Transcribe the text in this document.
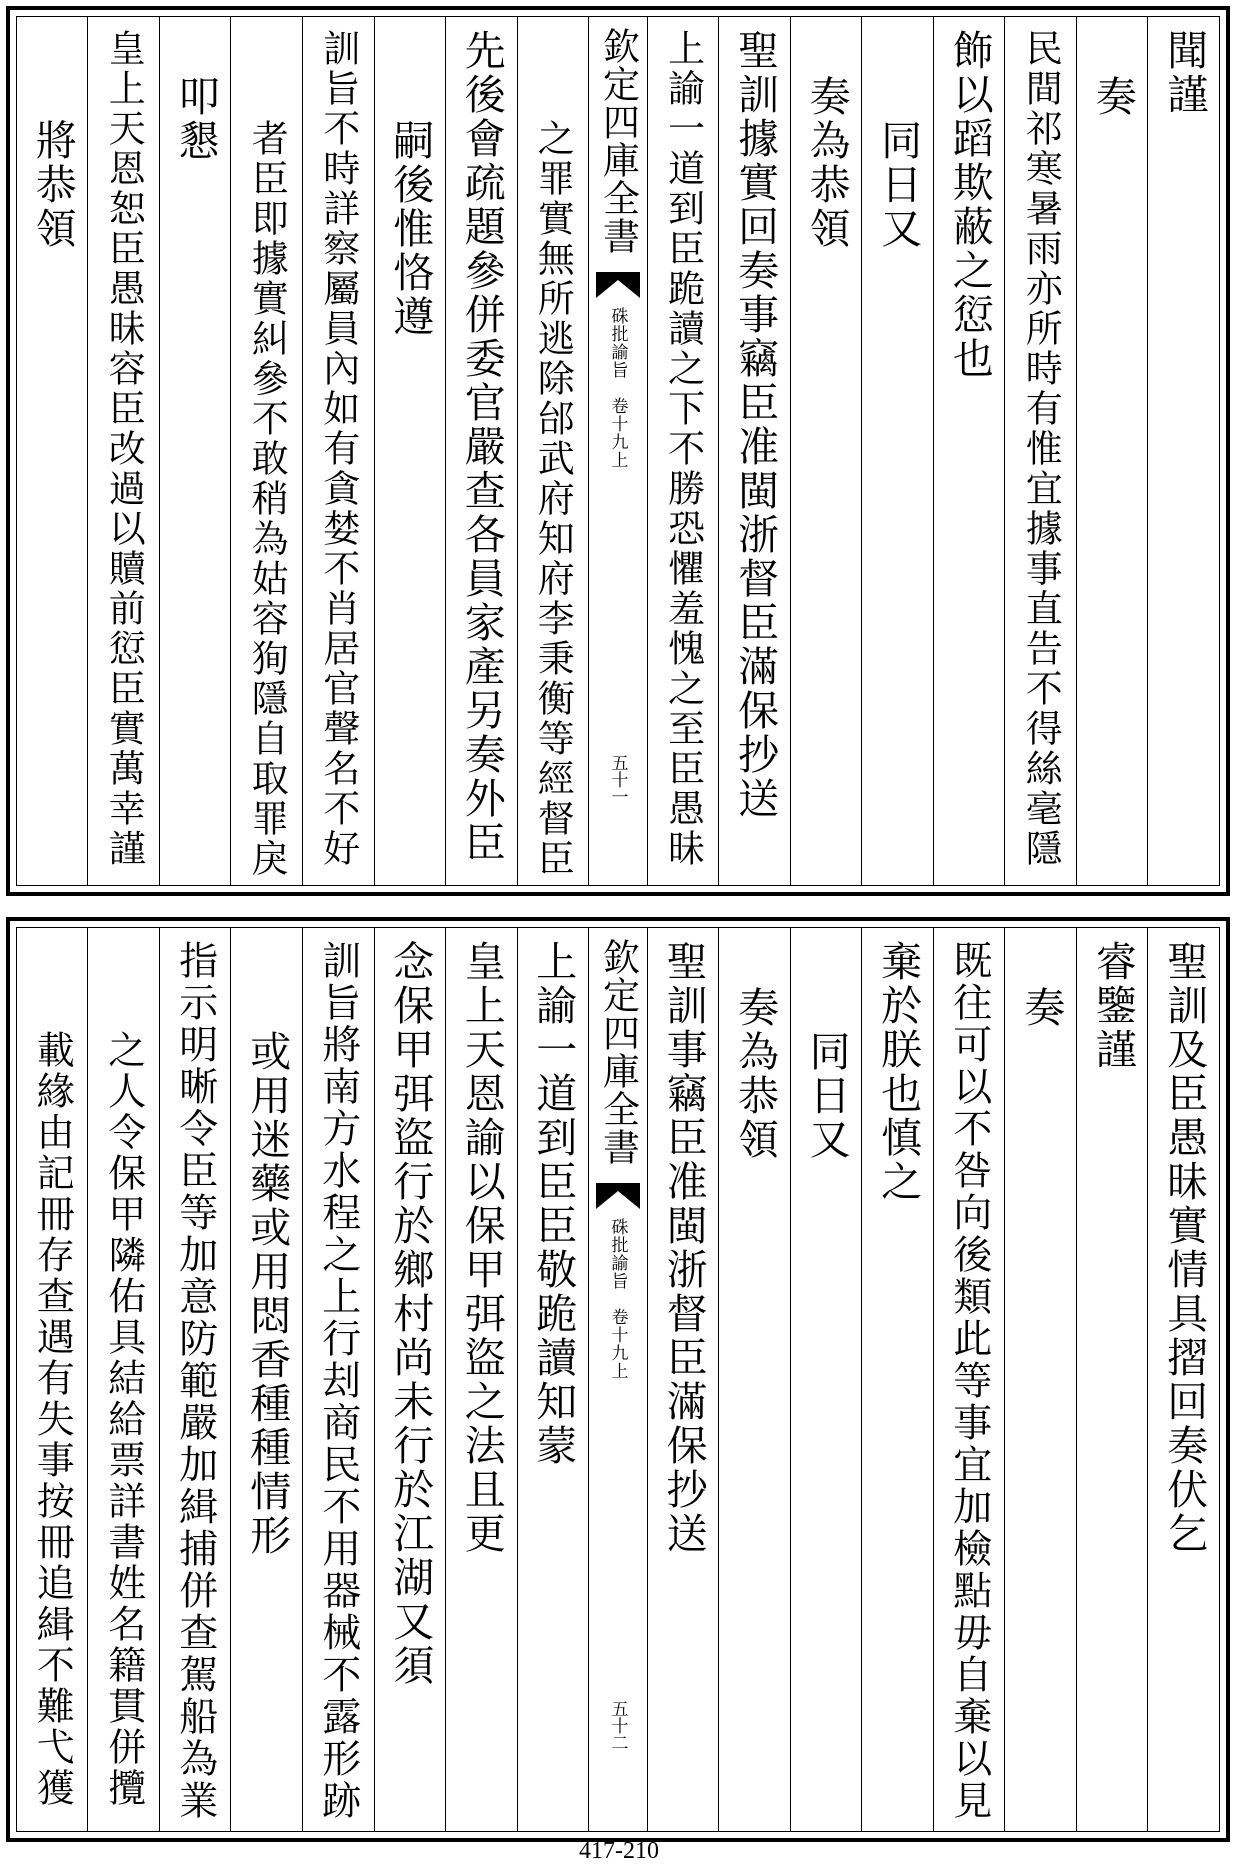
聞謹
奏
民間祁寒暑雨亦所時有惟宜據事直告不得絲毫隱
飾以蹈欺蔽之愆也
同日又
奏為恭領
聖訓據實回奏事竊臣准閩浙督臣滿保抄送
上諭一道到臣跪讀之下不勝恐懼羞愧之至臣愚昧
欽定四庫全書
硃批諭旨　卷十九上
五十一
之罪實無所逃除邰武府知府李秉衡等經督臣
先後會疏題參併委官嚴查各員家產另奏外臣
嗣後惟恪遵
訓旨不時詳察屬員內如有貪婪不肖居官聲名不好
者臣即據實糾參不敢稍為姑容狥隱自取罪戾
叩懇
皇上天恩恕臣愚昧容臣改過以贖前愆臣實萬幸謹
將恭領
聖訓及臣愚昧實情具摺回奏伏乞
睿鑒謹
奏
既往可以不咎向後類此等事宜加檢點毋自棄以見
棄於朕也慎之
同日又
奏為恭領
聖訓事竊臣准閩浙督臣滿保抄送
欽定四庫全書
硃批諭旨　卷十九上
五十二
上諭一道到臣臣敬跪讀知蒙
皇上天恩諭以保甲弭盜之法且更
念保甲弭盜行於鄉村尚未行於江湖又須
訓旨將南方水程之上行刦商民不用器械不露形跡
或用迷藥或用悶香種種情形
指示明晰令臣等加意防範嚴加緝捕併查駕船為業
之人令保甲隣佑具結給票詳書姓名籍貫併攬
載緣由記冊存查遇有失事按冊追緝不難弋獲
417-210
